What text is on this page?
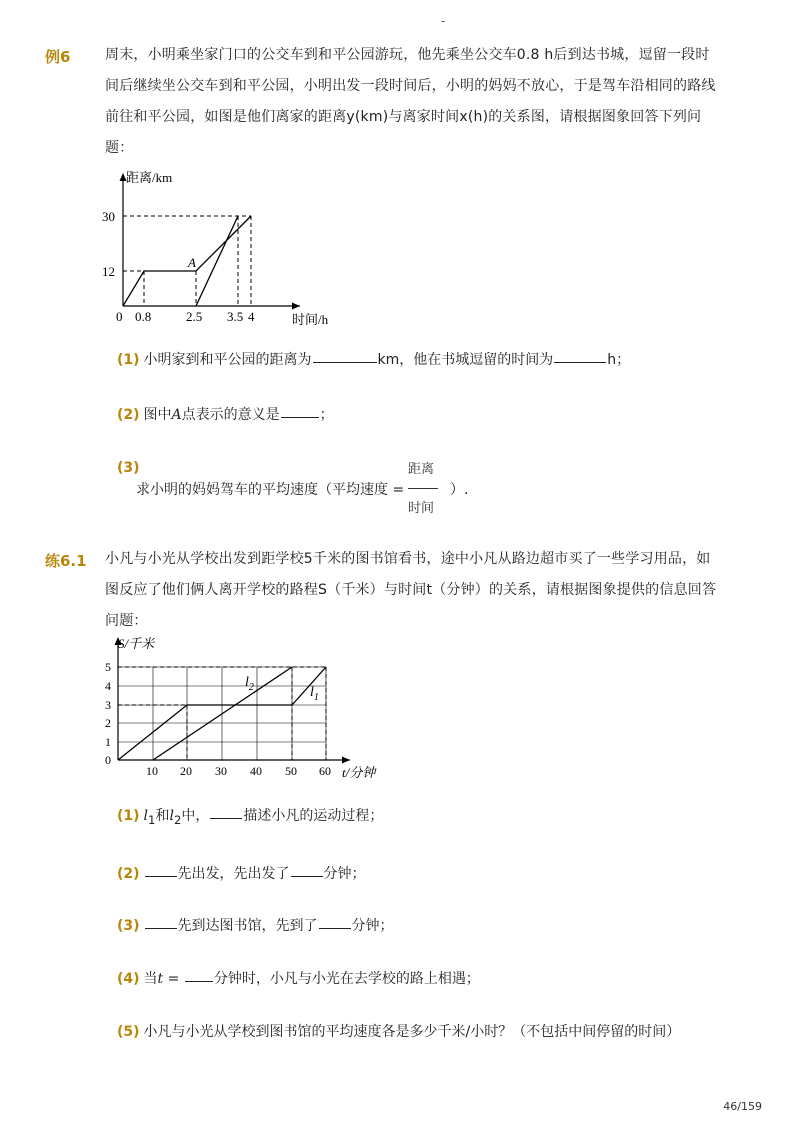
-
例6 周末，小明乘坐家门口的公交车到和平公园游玩，他先乘坐公交车0.8 h后到达书城，逗留一段时间后继续坐公交车到和平公园，小明出发一段时间后，小明的妈妈不放心，于是驾车沿相同的路线前往和平公园，如图是他们离家的距离y(km)与离家时间x(h)的关系图，请根据图象回答下列问题：
距离/km
30
12
A
0 0.8	2.5 3.5 4	时间/h
(1) 小明家到和平公园的距离为	km，他在书城逗留的时间为	h；
(2) 图中A点表示的意义是	；
(3)
求小明的妈妈驾车的平均速度（平均速度 =
距离
时间
）.
练6.1 小凡与小光从学校出发到距学校5千米的图书馆看书，途中小凡从路边超市买了一些学习用品，如图反应了他们俩人离开学校的路程S（千米）与时间t（分钟）的关系，请根据图象提供的信息回答问题：
S/千米
5
4
3
2
1
0
10 20 30 40 50 60 t/分钟
$l_2$	$l_1$
(1) $l_1$和$l_2$中， 描述小凡的运动过程；
(2)	先出发，先出发了 分钟；
(3)	先到达图书馆，先到了 分钟；
(4) 当t = 分钟时，小凡与小光在去学校的路上相遇；
(5) 小凡与小光从学校到图书馆的平均速度各是多少千米/小时？（不包括中间停留的时间）
46/159
